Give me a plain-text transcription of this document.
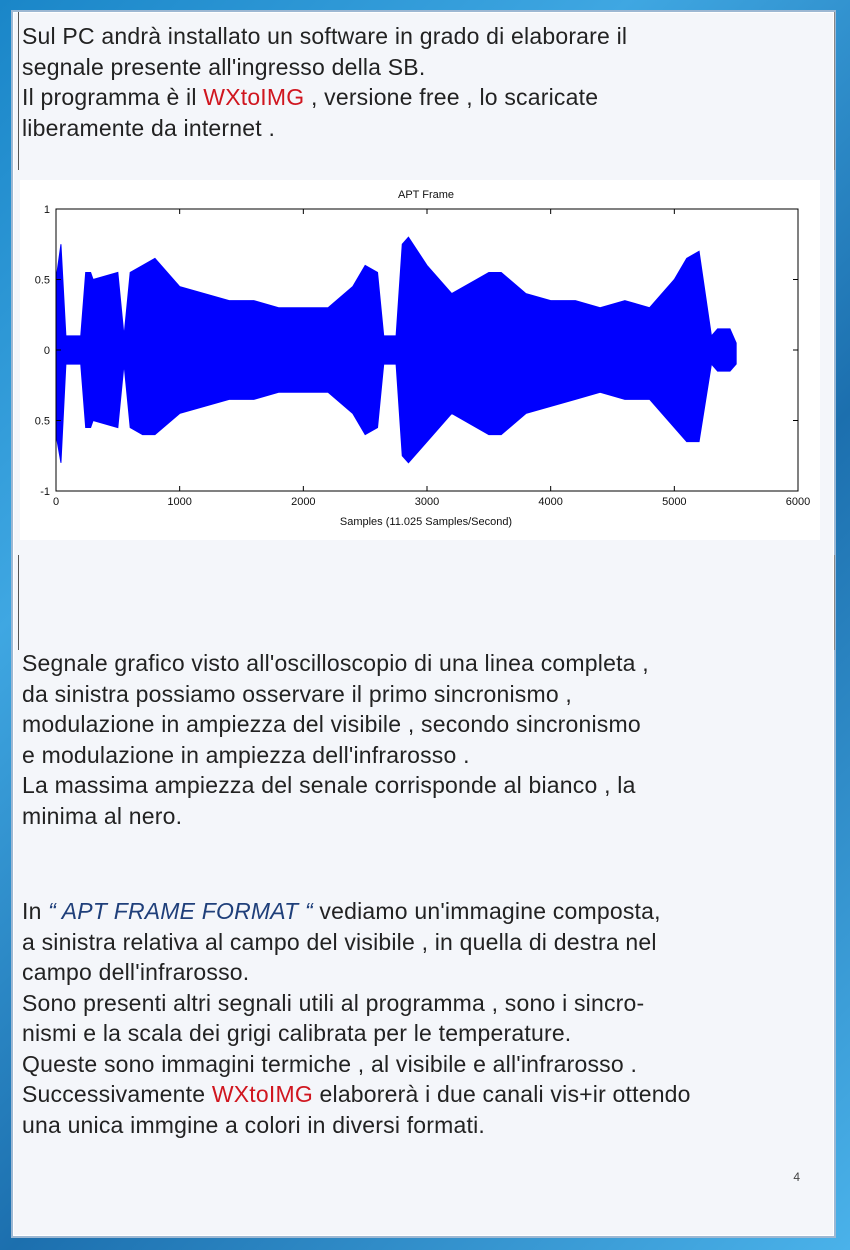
Sul PC andrà installato un software in grado di elaborare il
segnale presente all'ingresso della SB.
Il programma è il WXtoIMG , versione free , lo scaricate
liberamente da internet .
APT Frame
Samples (11.025 Samples/Second)
0	1000	2000	3000	4000	5000	6000
1
0.5
0
0.5
-1
Segnale grafico visto all'oscilloscopio di una linea completa ,
da sinistra possiamo osservare il primo sincronismo ,
modulazione in ampiezza del visibile , secondo sincronismo
e modulazione in ampiezza dell'infrarosso .
La massima ampiezza del senale corrisponde al bianco , la
minima al nero.
In “ APT FRAME FORMAT “ vediamo un'immagine composta,
a sinistra relativa al campo del visibile , in quella di destra nel
campo dell'infrarosso.
Sono presenti altri segnali utili al programma , sono i sincro-
nismi e la scala dei grigi calibrata per le temperature.
Queste sono immagini termiche , al visibile e all'infrarosso .
Successivamente WXtoIMG elaborerà i due canali vis+ir ottendo
una unica immgine a colori in diversi formati.
4
